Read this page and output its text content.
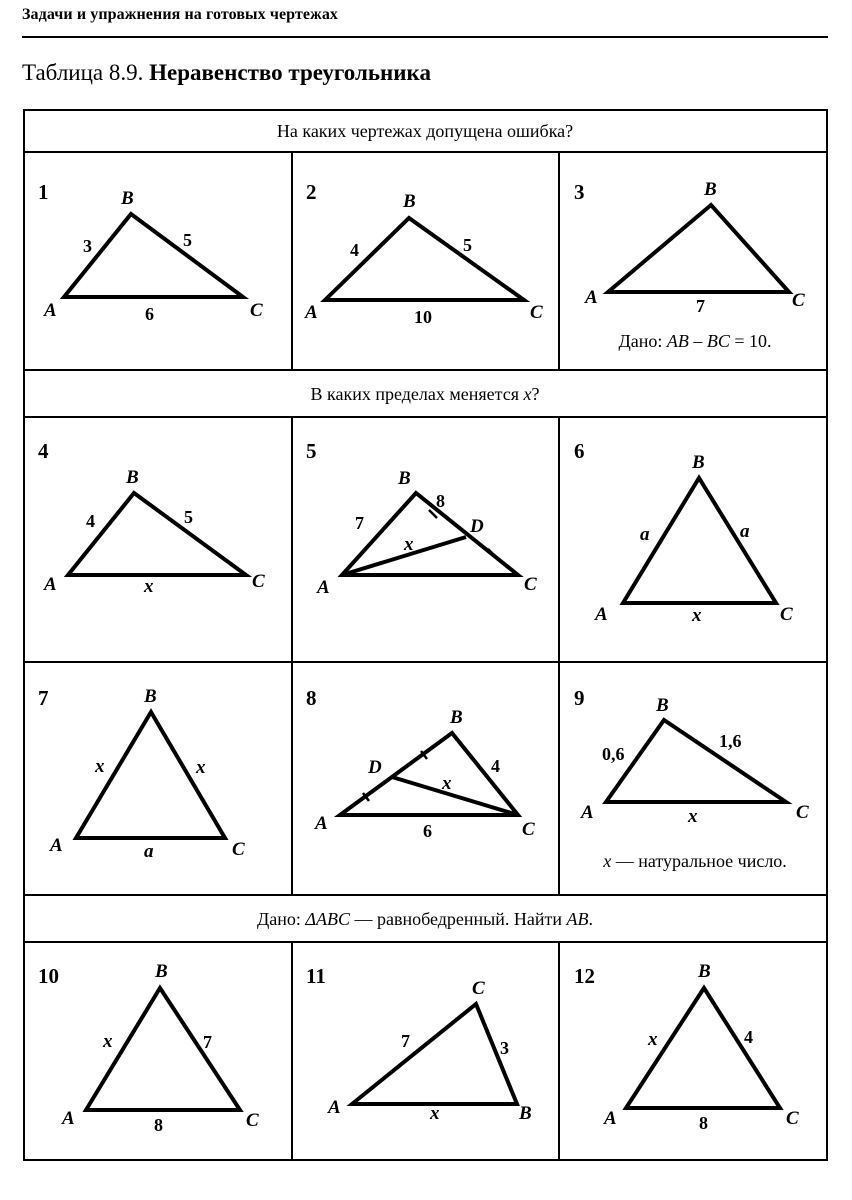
Задачи и упражнения на готовых чертежах
Таблица 8.9. Неравенство треугольника
На каких чертежах допущена ошибка?
В каких пределах меняется x?
Дано: ΔABC — равнобедренный. Найти AB.
1
A
B
C
3	5
6
2
A
B
C
4	5
10
3
A
B
C
7
Дано: AB – BC = 10.
4
A
B
C
4	5
x
5
A
B
C
D
7
8
x
6
A
B
C
a	a
x
7
A
B
C
x	x
a
8
A
B
C
D	4
6
x
9
A
B
C
0,6
1,6
x
x — натуральное число.
10
A
B
C
x	7
8
11
A	B
C
7	3
x
12
A
B
C
x	4
8
